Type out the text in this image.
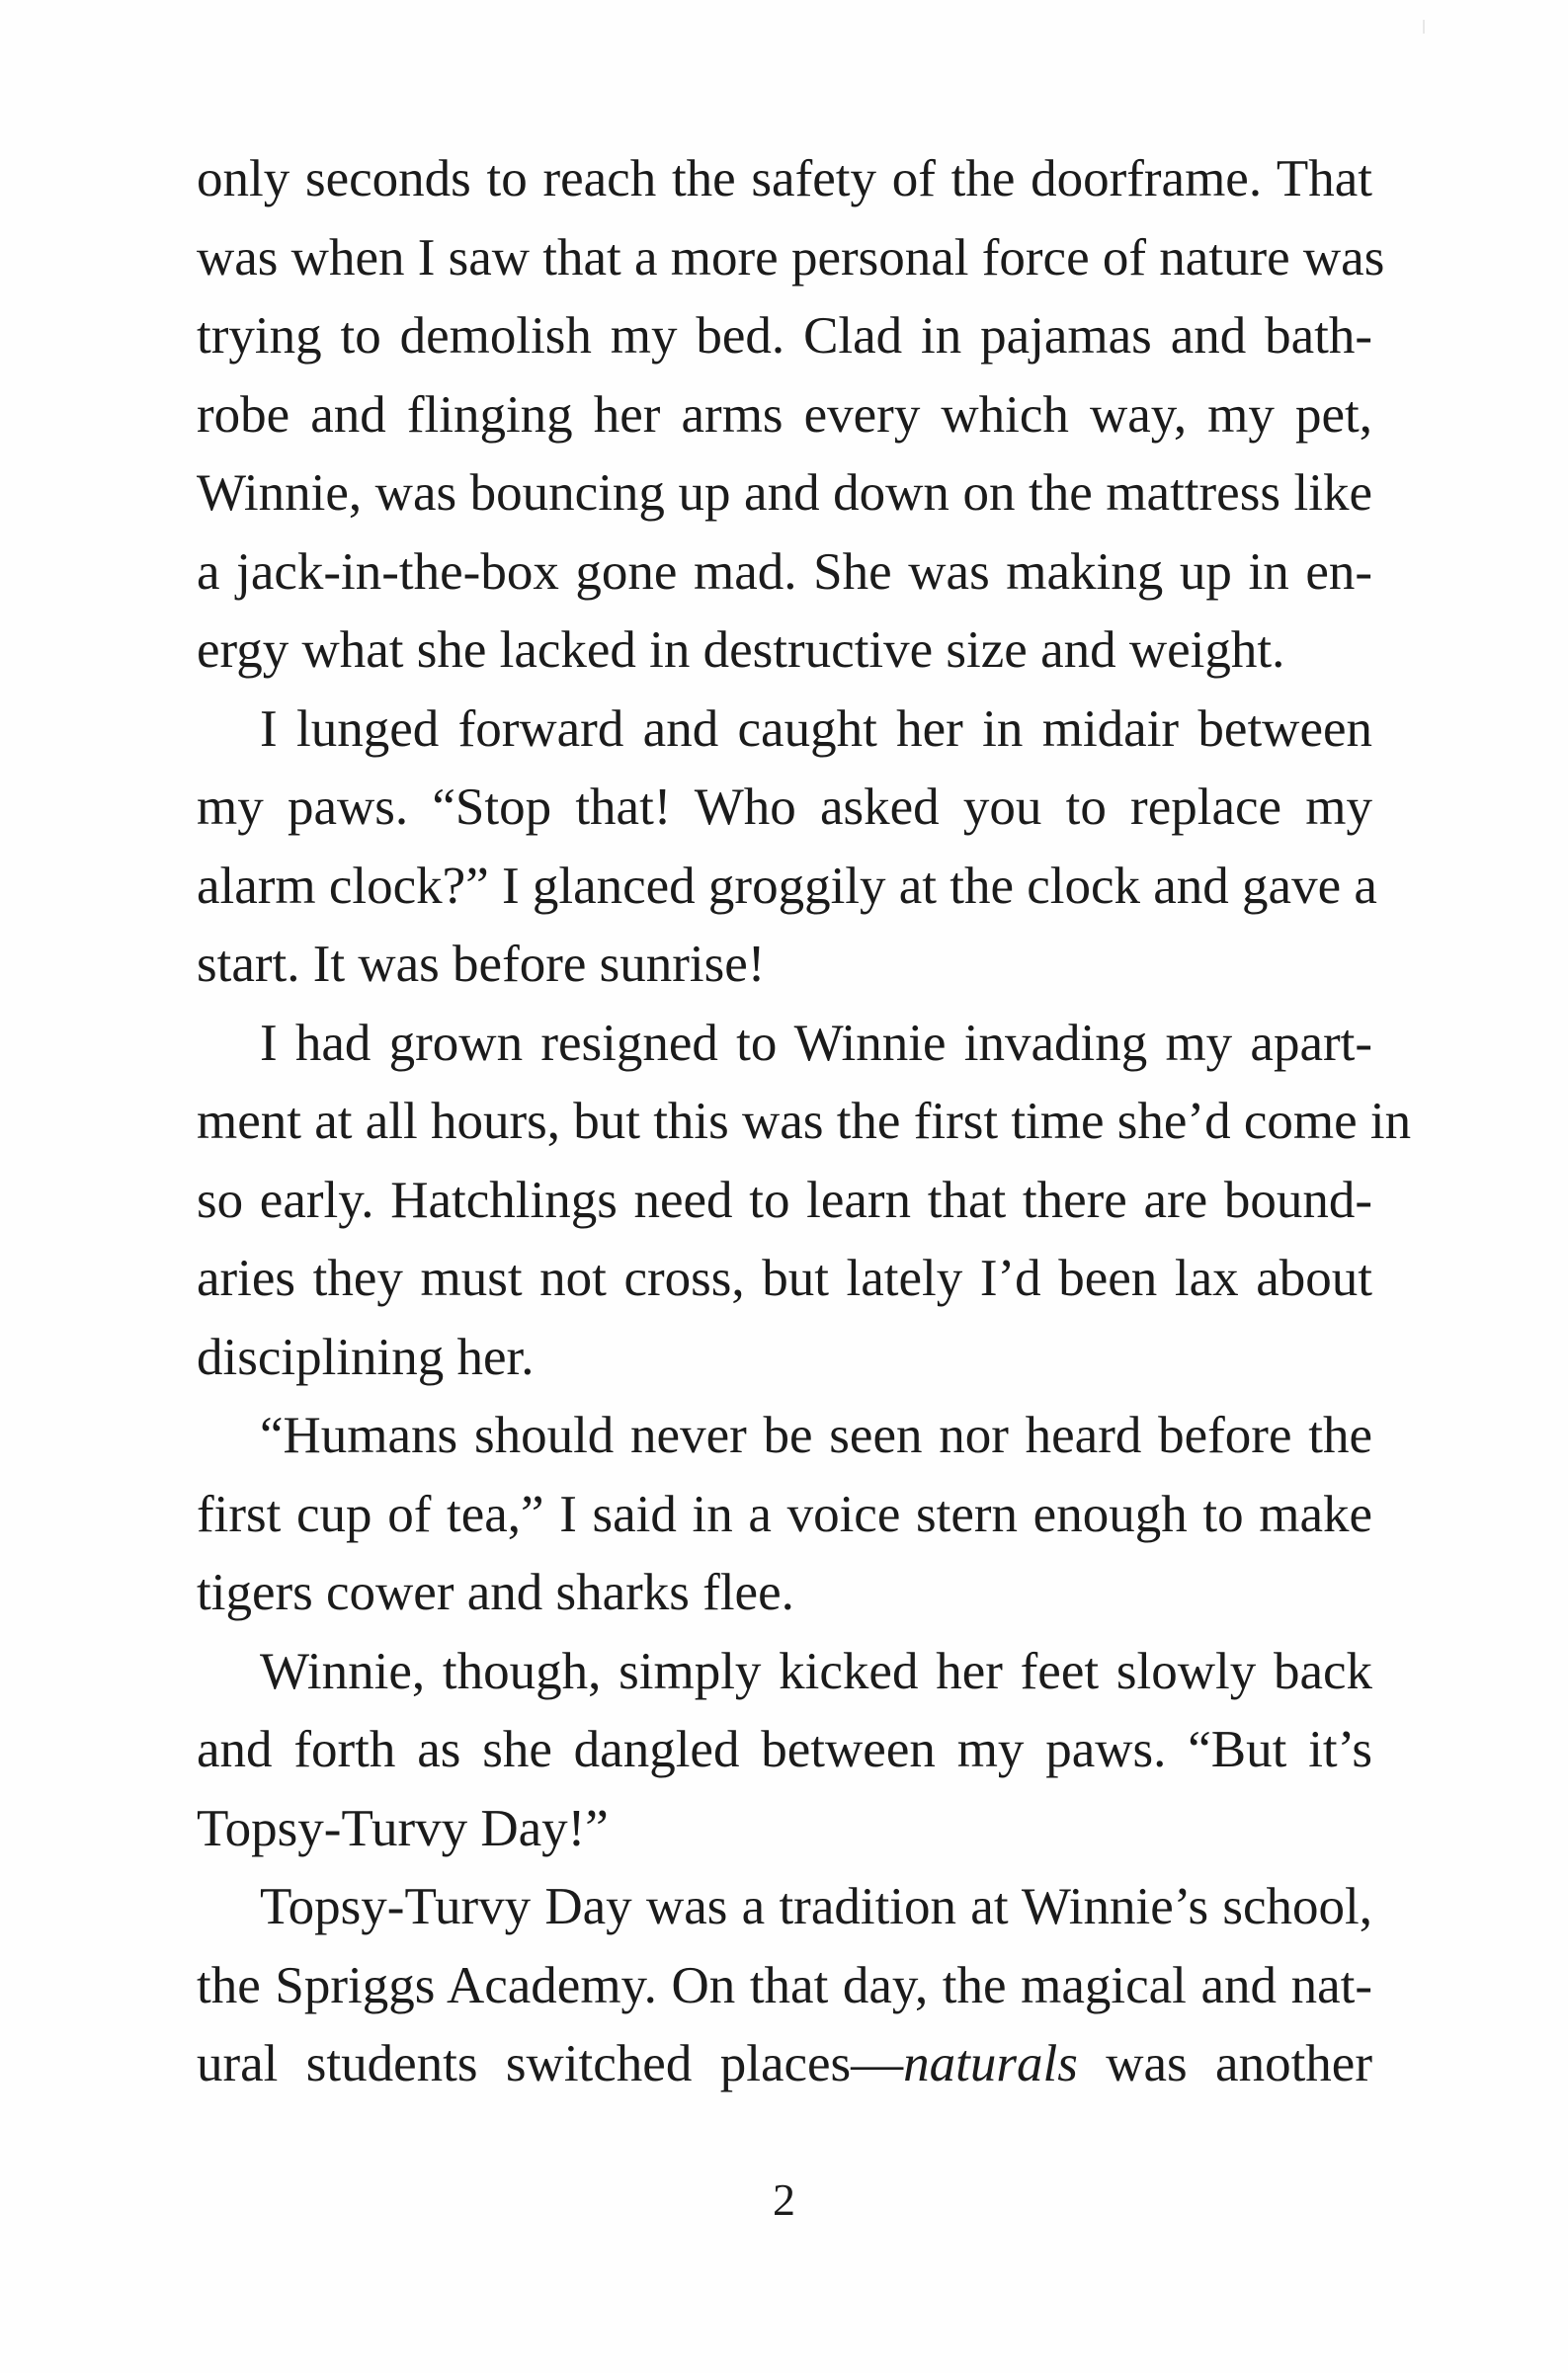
only seconds to reach the safety of the doorframe. That
was when I saw that a more personal force of nature was
trying to demolish my bed. Clad in pajamas and bath-
robe and flinging her arms every which way, my pet,
Winnie, was bouncing up and down on the mattress like
a jack-in-the-box gone mad. She was making up in en-
ergy what she lacked in destructive size and weight.
I lunged forward and caught her in midair between
my paws. “Stop that! Who asked you to replace my
alarm clock?” I glanced groggily at the clock and gave a
start. It was before sunrise!
I had grown resigned to Winnie invading my apart-
ment at all hours, but this was the first time she’d come in
so early. Hatchlings need to learn that there are bound-
aries they must not cross, but lately I’d been lax about
disciplining her.
“Humans should never be seen nor heard before the
first cup of tea,” I said in a voice stern enough to make
tigers cower and sharks flee.
Winnie, though, simply kicked her feet slowly back
and forth as she dangled between my paws. “But it’s
Topsy-Turvy Day!”
Topsy-Turvy Day was a tradition at Winnie’s school,
the Spriggs Academy. On that day, the magical and nat-
ural students switched places—naturals was another
2
